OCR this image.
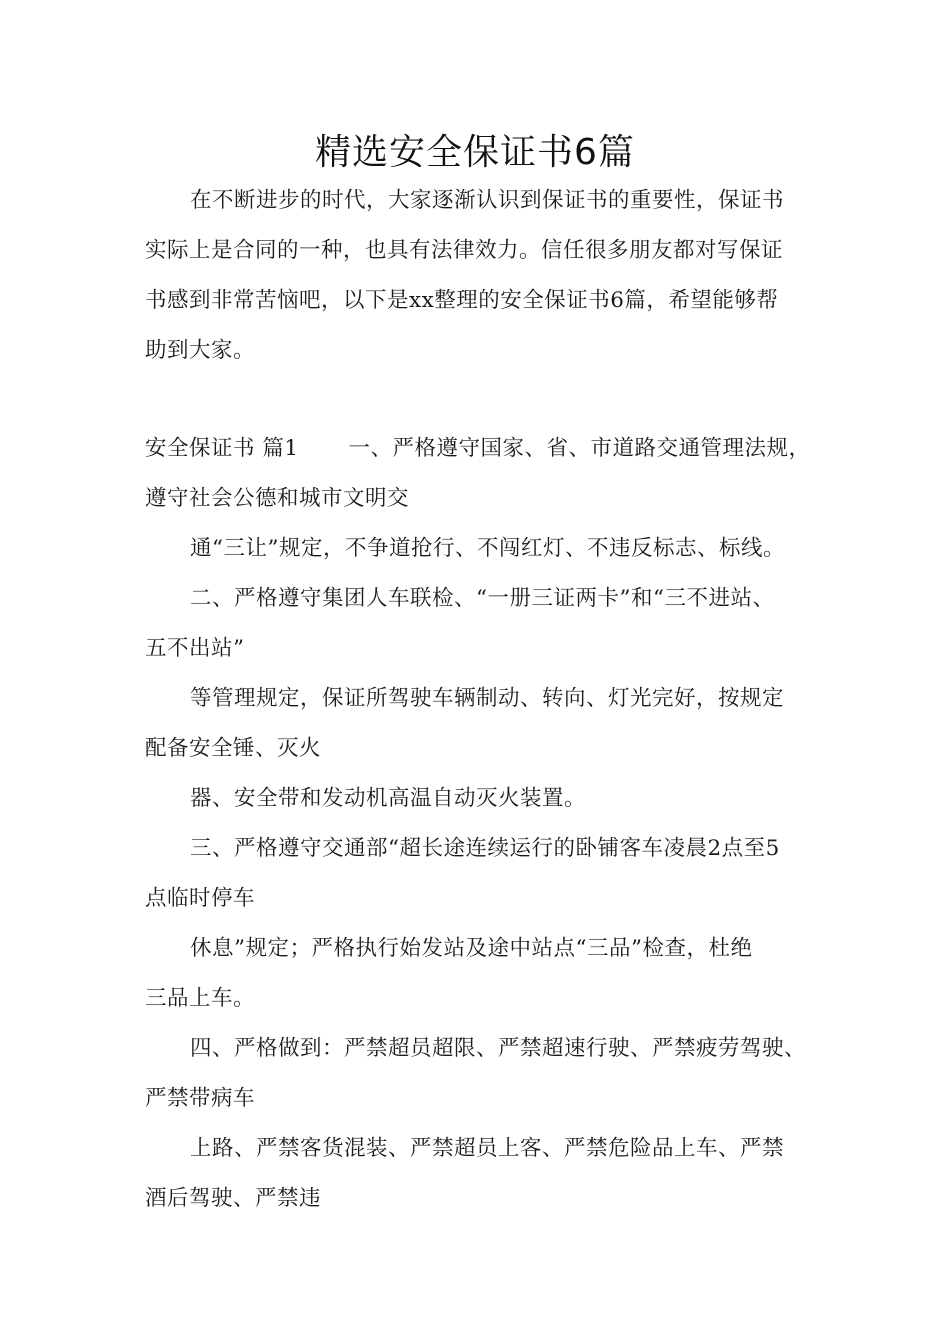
精选安全保证书6篇
在不断进步的时代，大家逐渐认识到保证书的重要性，保证书
实际上是合同的一种，也具有法律效力。信任很多朋友都对写保证
书感到非常苦恼吧，以下是xx整理的安全保证书6篇，希望能够帮
助到大家。
安全保证书 篇1 一、严格遵守国家、省、市道路交通管理法规，
遵守社会公德和城市文明交
通“三让”规定，不争道抢行、不闯红灯、不违反标志、标线。
二、严格遵守集团人车联检、“一册三证两卡”和“三不进站、
五不出站”
等管理规定，保证所驾驶车辆制动、转向、灯光完好，按规定
配备安全锤、灭火
器、安全带和发动机高温自动灭火装置。
三、严格遵守交通部“超长途连续运行的卧铺客车凌晨2点至5
点临时停车
休息”规定；严格执行始发站及途中站点“三品”检查，杜绝
三品上车。
四、严格做到：严禁超员超限、严禁超速行驶、严禁疲劳驾驶、
严禁带病车
上路、严禁客货混装、严禁超员上客、严禁危险品上车、严禁
酒后驾驶、严禁违
